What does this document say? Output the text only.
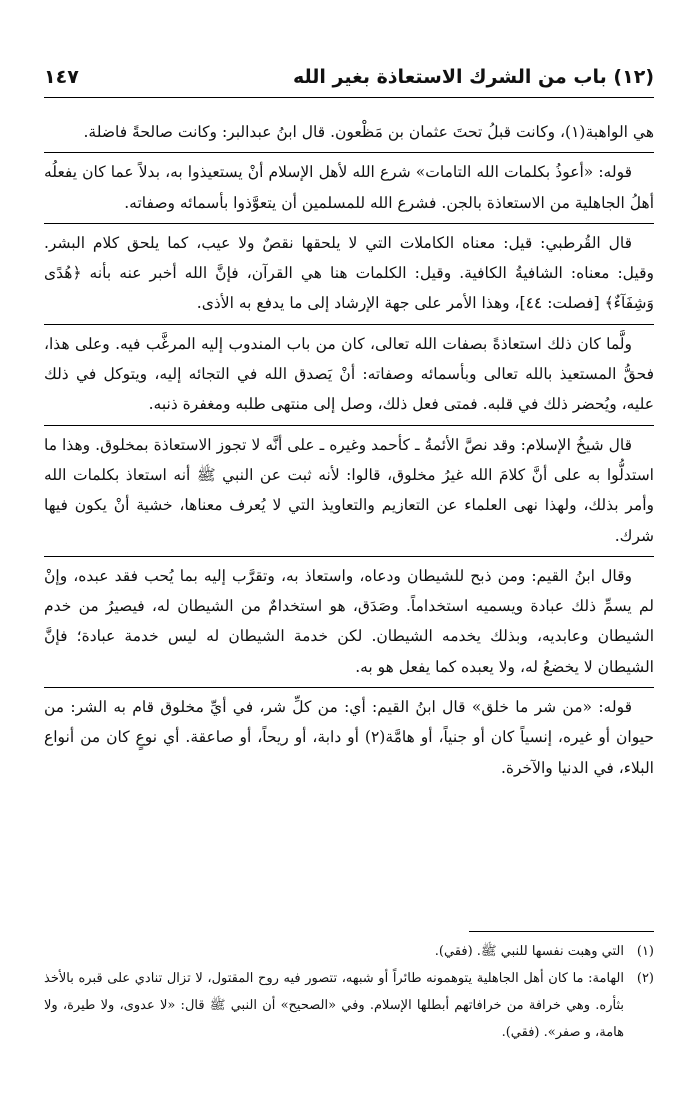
(١٢) باب من الشرك الاستعاذة بغير الله
١٤٧

هي الواهبة(١)، وكانت قبلُ تحتَ عثمان بن مَظْعون. قال ابنُ عبدالبر: وكانت صالحةً فاضلة.

قوله: «أعوذُ بكلمات الله التامات» شرع الله لأهل الإسلام أنْ يستعيذوا به، بدلاً عما كان يفعلُه أهلُ الجاهلية من الاستعاذة بالجن. فشرع الله للمسلمين أن يتعوَّذوا بأسمائه وصفاته.

قال القُرطبي: قيل: معناه الكاملات التي لا يلحقها نقصٌ ولا عيب، كما يلحق كلام البشر. وقيل: معناه: الشافيةُ الكافية. وقيل: الكلمات هنا هي القرآن، فإنَّ الله أخبر عنه بأنه ﴿هُدًى وَشِفَآءٌ﴾ [فصلت: ٤٤]، وهذا الأمر على جهة الإرشاد إلى ما يدفع به الأذى.

ولَّما كان ذلك استعاذةً بصفات الله تعالى، كان من باب المندوب إليه المرغَّب فيه. وعلى هذا، فحقُّ المستعيذ بالله تعالى وبأسمائه وصفاته: أنْ يَصدق الله في التجائه إليه، ويتوكل في ذلك عليه، ويُحضر ذلك في قلبه. فمتى فعل ذلك، وصل إلى منتهى طلبه ومغفرة ذنبه.

قال شيخُ الإسلام: وقد نصَّ الأئمةُ ـ كأحمد وغيره ـ على أنَّه لا تجوز الاستعاذة بمخلوق. وهذا ما استدلُّوا به على أنَّ كلامَ الله غيرُ مخلوق، قالوا: لأنه ثبت عن النبي ﷺ أنه استعاذ بكلمات الله وأمر بذلك، ولهذا نهى العلماء عن التعازيم والتعاويذ التي لا يُعرف معناها، خشية أنْ يكون فيها شرك.

وقال ابنُ القيم: ومن ذبح للشيطان ودعاه، واستعاذ به، وتقرَّب إليه بما يُحب فقد عبده، وإنْ لم يسمِّ ذلك عبادة ويسميه استخداماً. وصَدَق، هو استخدامٌ من الشيطان له، فيصيرُ من خدم الشيطان وعابديه، وبذلك يخدمه الشيطان. لكن خدمة الشيطان له ليس خدمة عبادة؛ فإنَّ الشيطان لا يخضعُ له، ولا يعبده كما يفعل هو به.

قوله: «من شر ما خلق» قال ابنُ القيم: أي: من كلِّ شر، في أيِّ مخلوق قام به الشر: من حيوان أو غيره، إنسياً كان أو جنياً، أو هامَّة(٢) أو دابة، أو ريحاً، أو صاعقة. أي نوعٍ كان من أنواع البلاء، في الدنيا والآخرة.

(١)
التي وهبت نفسها للنبي ﷺ. (فقي).
(٢)
الهامة: ما كان أهل الجاهلية يتوهمونه طائراً أو شبهه، تتصور فيه روح المقتول، لا تزال تنادي على قبره بالأخذ بثأره. وهي خرافة من خرافاتهم أبطلها الإسلام. وفي «الصحيح» أن النبي ﷺ قال: «لا عدوى، ولا طيرة، ولا هامة، و صفر». (فقي).
